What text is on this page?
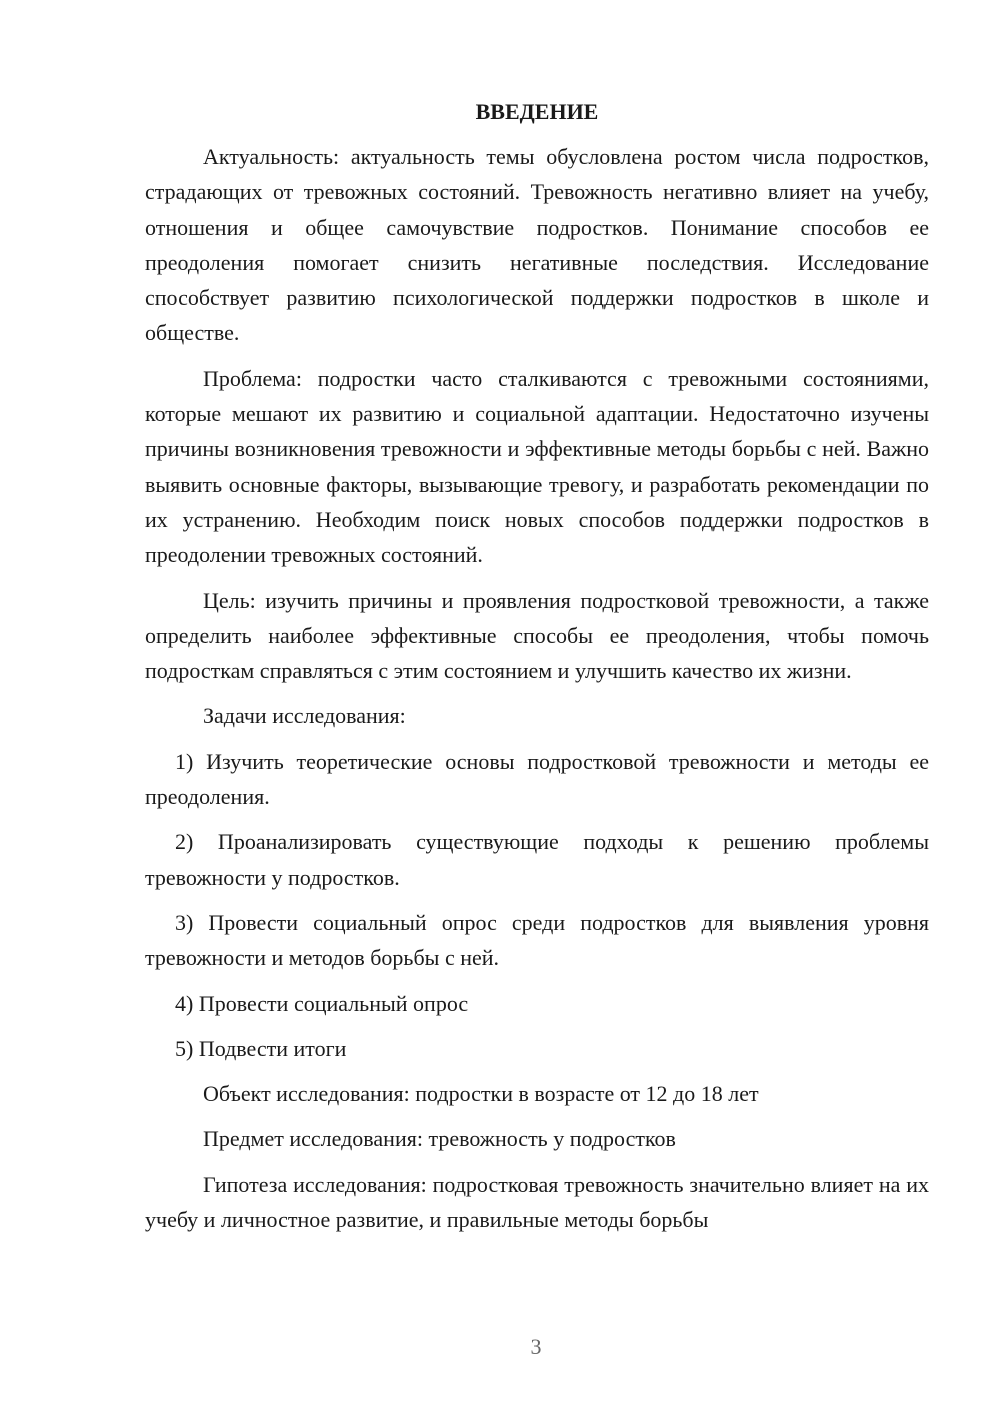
ВВЕДЕНИЕ

Актуальность: актуальность темы обусловлена ростом числа подростков, страдающих от тревожных состояний. Тревожность негативно влияет на учебу, отношения и общее самочувствие подростков. Понимание способов ее преодоления помогает снизить негативные последствия. Исследование способствует развитию психологической поддержки подростков в школе и обществе.

Проблема: подростки часто сталкиваются с тревожными состояниями, которые мешают их развитию и социальной адаптации. Недостаточно изучены причины возникновения тревожности и эффективные методы борьбы с ней. Важно выявить основные факторы, вызывающие тревогу, и разработать рекомендации по их устранению. Необходим поиск новых способов поддержки подростков в преодолении тревожных состояний.

Цель: изучить причины и проявления подростковой тревожности, а также определить наиболее эффективные способы ее преодоления, чтобы помочь подросткам справляться с этим состоянием и улучшить качество их жизни.

Задачи исследования:

1) Изучить теоретические основы подростковой тревожности и методы ее преодоления.

2) Проанализировать существующие подходы к решению проблемы тревожности у подростков.

3) Провести социальный опрос среди подростков для выявления уровня тревожности и методов борьбы с ней.

4) Провести социальный опрос

5) Подвести итоги

Объект исследования: подростки в возрасте от 12 до 18 лет

Предмет исследования: тревожность у подростков

Гипотеза исследования: подростковая тревожность значительно влияет на их учебу и личностное развитие, и правильные методы борьбы

3
